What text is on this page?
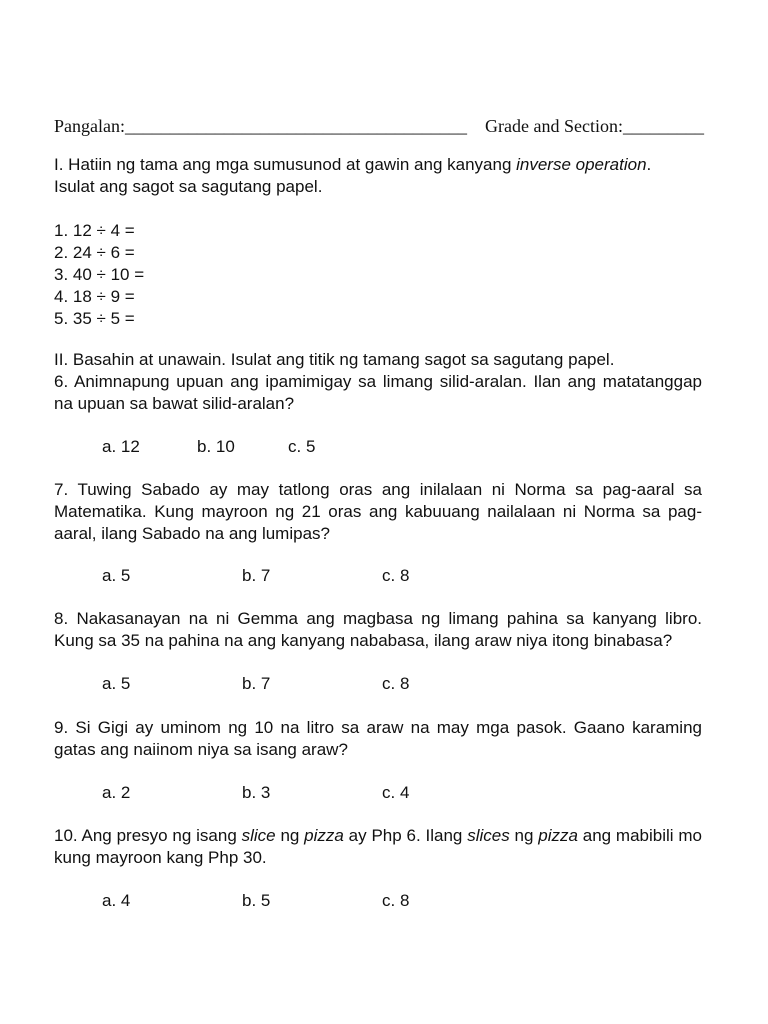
Pangalan:______________________________________ Grade and Section:_________
I. Hatiin ng tama ang mga sumusunod at gawin ang kanyang inverse operation.
Isulat ang sagot sa sagutang papel.
1. 12 ÷ 4 =
2. 24 ÷ 6 =
3. 40 ÷ 10 =
4. 18 ÷ 9 =
5. 35 ÷ 5 =
II. Basahin at unawain. Isulat ang titik ng tamang sagot sa sagutang papel.
6. Animnapung upuan ang ipamimigay sa limang silid-aralan. Ilan ang matatanggap na upuan sa bawat silid-aralan?
a. 12	b. 10	c. 5
7. Tuwing Sabado ay may tatlong oras ang inilalaan ni Norma sa pag-aaral sa Matematika. Kung mayroon ng 21 oras ang kabuuang nailalaan ni Norma sa pag-aaral, ilang Sabado na ang lumipas?
a. 5	b. 7	c. 8
8. Nakasanayan na ni Gemma ang magbasa ng limang pahina sa kanyang libro. Kung sa 35 na pahina na ang kanyang nababasa, ilang araw niya itong binabasa?
a. 5	b. 7	c. 8
9. Si Gigi ay uminom ng 10 na litro sa araw na may mga pasok. Gaano karaming gatas ang naiinom niya sa isang araw?
a. 2	b. 3	c. 4
10. Ang presyo ng isang slice ng pizza ay Php 6. Ilang slices ng pizza ang mabibili mo kung mayroon kang Php 30.
a. 4	b. 5	c. 8
